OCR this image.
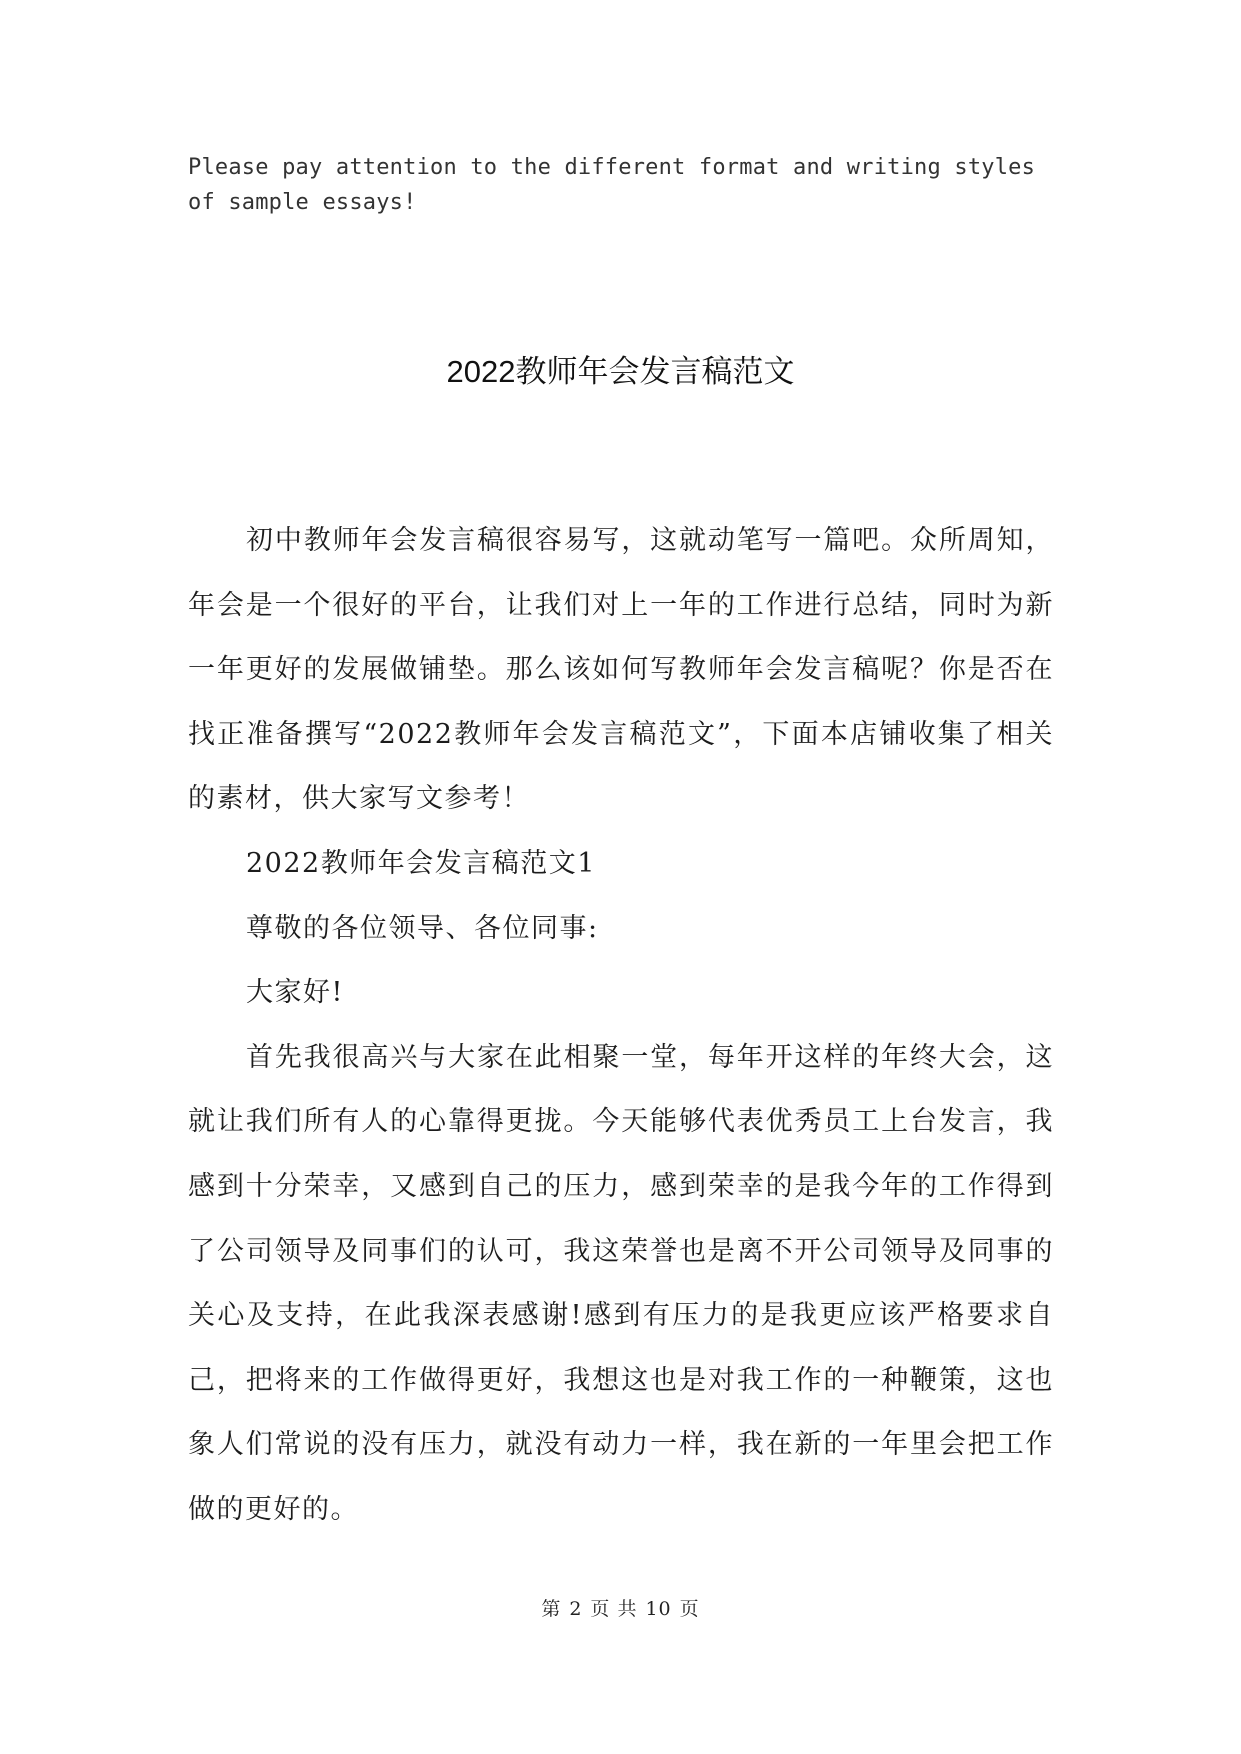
Please pay attention to the different format and writing styles of sample essays!
2022教师年会发言稿范文

初中教师年会发言稿很容易写，这就动笔写一篇吧。众所周知，年会是一个很好的平台，让我们对上一年的工作进行总结，同时为新一年更好的发展做铺垫。那么该如何写教师年会发言稿呢？你是否在找正准备撰写“2022教师年会发言稿范文”，下面本店铺收集了相关的素材，供大家写文参考！

2022教师年会发言稿范文1

尊敬的各位领导、各位同事:

大家好!

首先我很高兴与大家在此相聚一堂，每年开这样的年终大会，这就让我们所有人的心靠得更拢。今天能够代表优秀员工上台发言，我感到十分荣幸，又感到自己的压力，感到荣幸的是我今年的工作得到了公司领导及同事们的认可，我这荣誉也是离不开公司领导及同事的关心及支持，在此我深表感谢!感到有压力的是我更应该严格要求自己，把将来的工作做得更好，我想这也是对我工作的一种鞭策，这也象人们常说的没有压力，就没有动力一样，我在新的一年里会把工作做的更好的。

第 2 页 共 10 页
